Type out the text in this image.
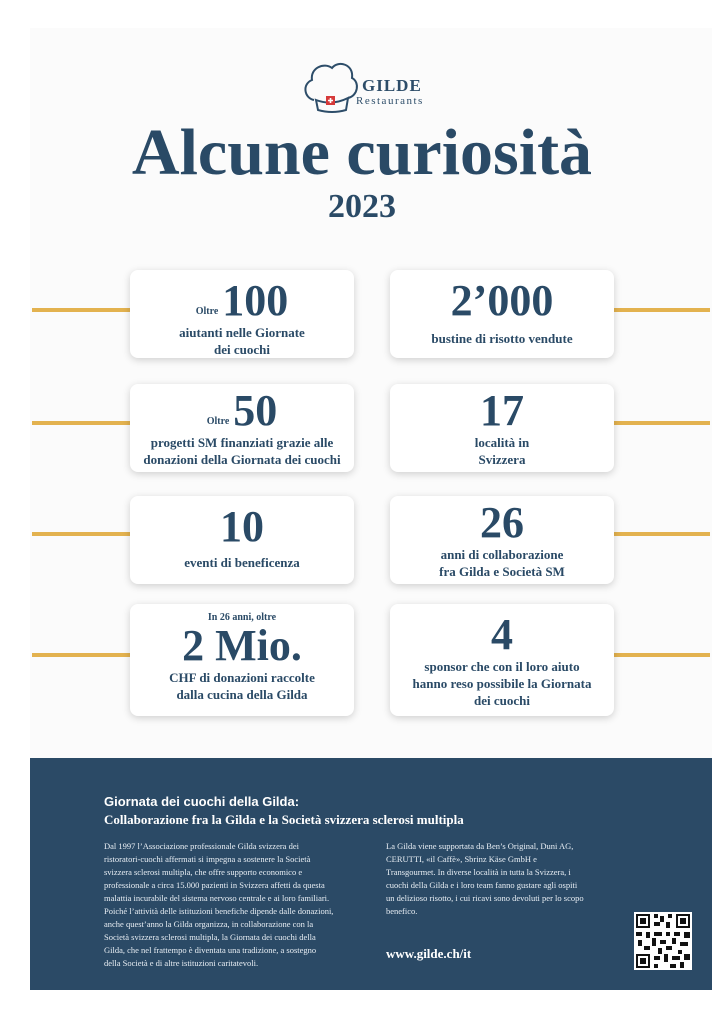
GILDE
Restaurants
Alcune curiosità
2023
Oltre100
aiutanti nelle Giornate
dei cuochi
2’000
bustine di risotto vendute
Oltre50
progetti SM finanziati grazie alle
donazioni della Giornata dei cuochi
17
località in
Svizzera
10
eventi di beneficenza
26
anni di collaborazione
fra Gilda e Società SM
In 26 anni, oltre
2 Mio.
CHF di donazioni raccolte
dalla cucina della Gilda
4
sponsor che con il loro aiuto
hanno reso possibile la Giornata
dei cuochi
Giornata dei cuochi della Gilda:
Collaborazione fra la Gilda e la Società svizzera sclerosi multipla
Dal 1997 l’Associazione professionale Gilda svizzera dei
ristoratori-cuochi affermati si impegna a sostenere la Società
svizzera sclerosi multipla, che offre supporto economico e
professionale a circa 15.000 pazienti in Svizzera affetti da questa
malattia incurabile del sistema nervoso centrale e ai loro familiari.
Poiché l’attività delle istituzioni benefiche dipende dalle donazioni,
anche quest’anno la Gilda organizza, in collaborazione con la
Società svizzera sclerosi multipla, la Giornata dei cuochi della
Gilda, che nel frattempo è diventata una tradizione, a sostegno
della Società e di altre istituzioni caritatevoli.
La Gilda viene supportata da Ben’s Original, Duni AG,
CERUTTI, «il Caffè», Sbrinz Käse GmbH e
Transgourmet. In diverse località in tutta la Svizzera, i
cuochi della Gilda e i loro team fanno gustare agli ospiti
un delizioso risotto, i cui ricavi sono devoluti per lo scopo
benefico.
www.gilde.ch/it
